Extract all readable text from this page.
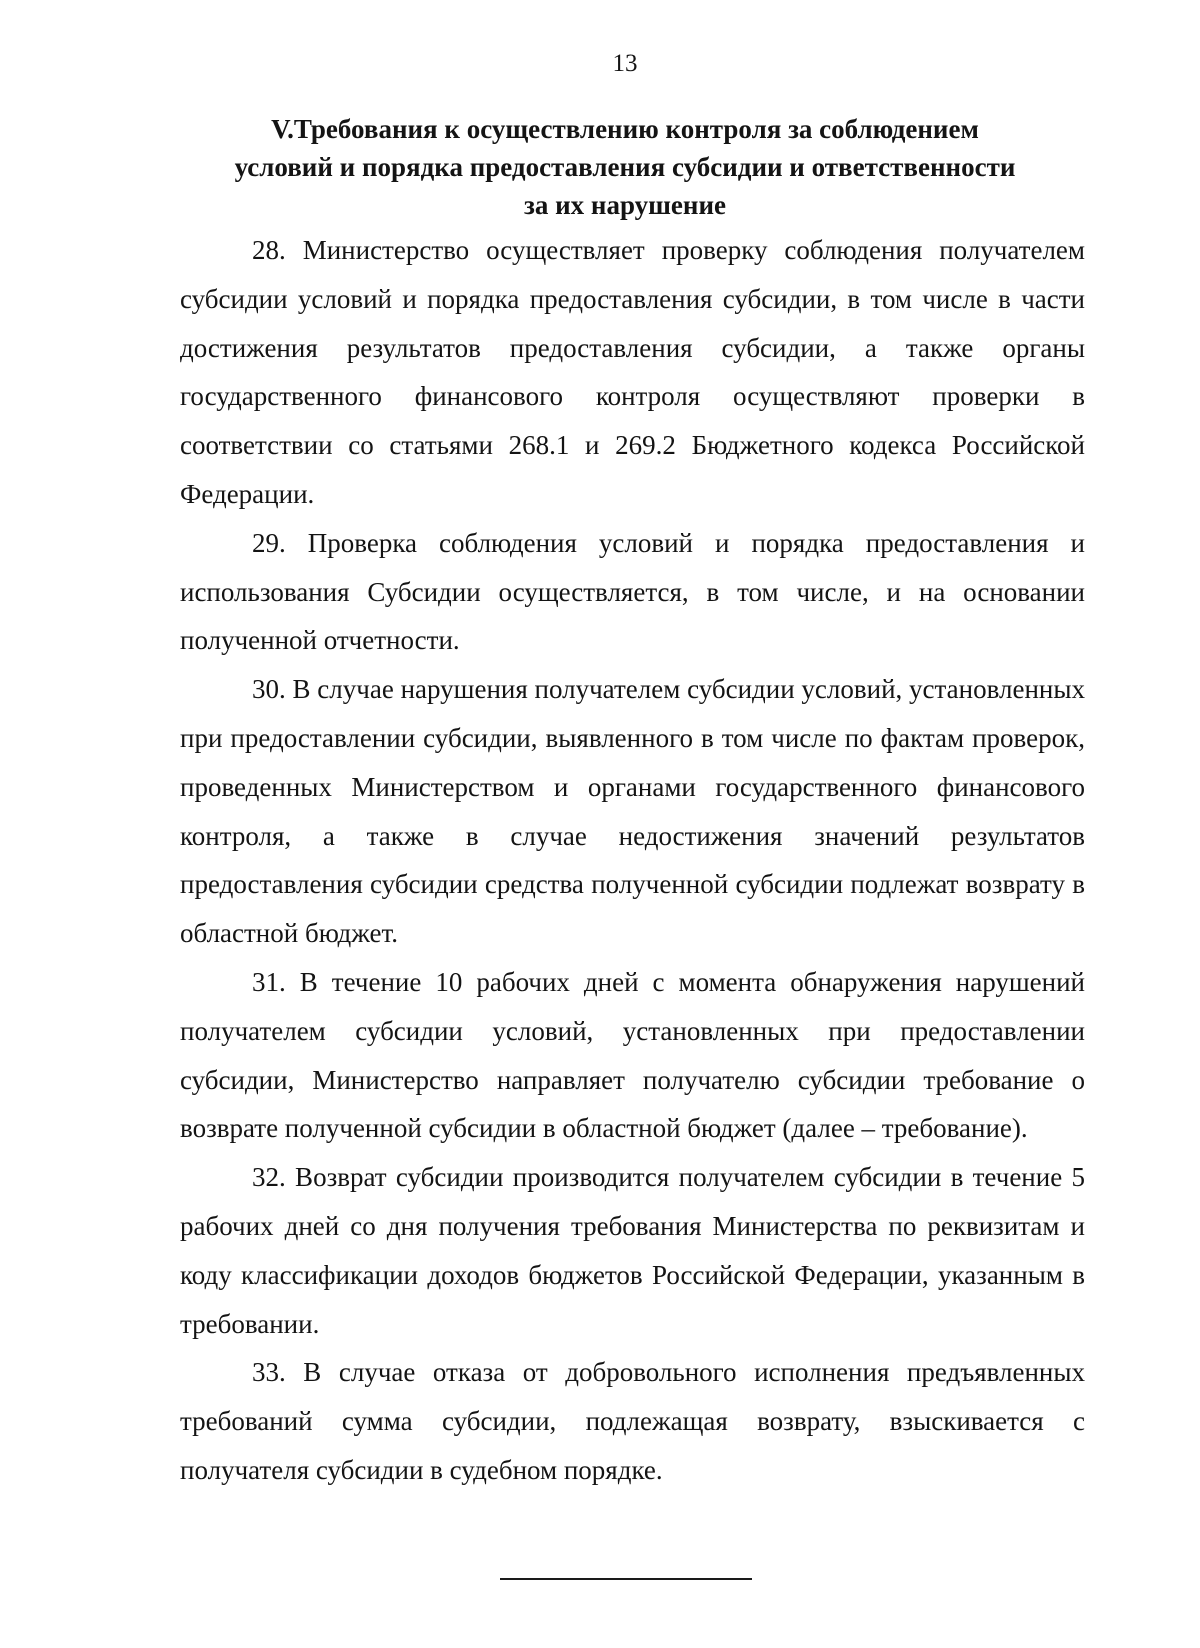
13
V.Требования к осуществлению контроля за соблюдением
условий и порядка предоставления субсидии и ответственности
за их нарушение

28. Министерство осуществляет проверку соблюдения получателем субсидии условий и порядка предоставления субсидии, в том числе в части достижения результатов предоставления субсидии, а также органы государственного финансового контроля осуществляют проверки в соответствии со статьями 268.1 и 269.2 Бюджетного кодекса Российской Федерации.

29. Проверка соблюдения условий и порядка предоставления и использования Субсидии осуществляется, в том числе, и на основании полученной отчетности.

30. В случае нарушения получателем субсидии условий, установленных при предоставлении субсидии, выявленного в том числе по фактам проверок, проведенных Министерством и органами государственного финансового контроля, а также в случае недостижения значений результатов предоставления субсидии средства полученной субсидии подлежат возврату в областной бюджет.

31. В течение 10 рабочих дней с момента обнаружения нарушений получателем субсидии условий, установленных при предоставлении субсидии, Министерство направляет получателю субсидии требование о возврате полученной субсидии в областной бюджет (далее – требование).

32. Возврат субсидии производится получателем субсидии в течение 5 рабочих дней со дня получения требования Министерства по реквизитам и коду классификации доходов бюджетов Российской Федерации, указанным в требовании.

33. В случае отказа от добровольного исполнения предъявленных требований сумма субсидии, подлежащая возврату, взыскивается с получателя субсидии в судебном порядке.
